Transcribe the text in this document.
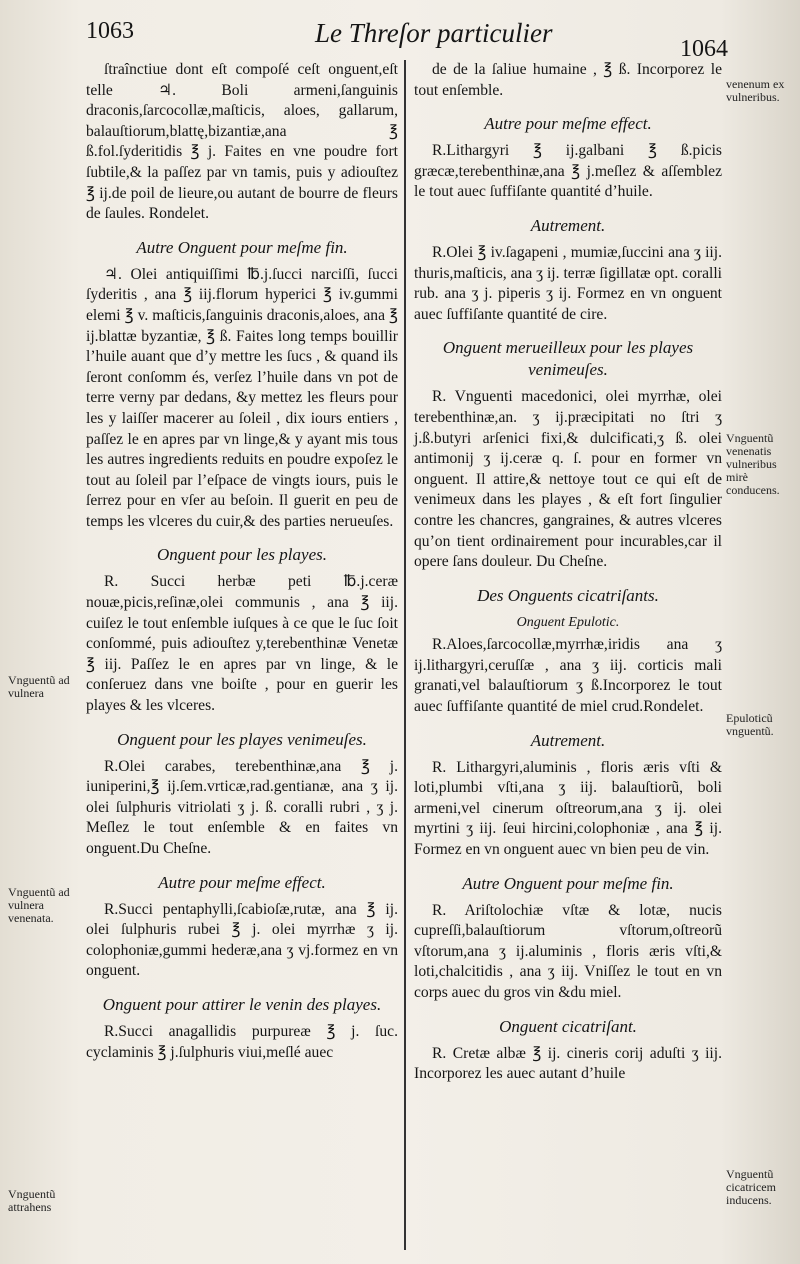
1063	Le Threſor particulier
1064

ſtraînctiue dont eſt compoſé ceſt onguent,eſt telle ♃. Boli armeni,ſanguinis draconis,ſarcocollæ,maſticis, aloes, gallarum, balauſtiorum,blattę,bizantiæ,ana ℥ ß.fol.ſyderitidis ℥ j. Faites en vne poudre fort ſubtile,& la paſſez par vn tamis, puis y adiouſtez ℥ ij.de poil de lieure,ou autant de bourre de fleurs de ſaules. Rondelet.

Autre Onguent pour meſme fin.

♃. Olei antiquiſſimi ℔.j.ſucci narciſſi, ſucci ſyderitis , ana ℥ iij.florum hyperici ℥ iv.gummi elemi ℥ v. maſticis,ſanguinis draconis,aloes, ana ℥ ij.blattæ byzantiæ, ℥ ß. Faites long temps bouillir l’huile auant que d’y mettre les ſucs , & quand ils ſeront conſomm és, verſez l’huile dans vn pot de terre verny par dedans, &y mettez les fleurs pour les y laiſſer macerer au ſoleil , dix iours entiers , paſſez le en apres par vn linge,& y ayant mis tous les autres ingredients reduits en poudre expoſez le tout au ſoleil par l’eſpace de vingts iours, puis le ſerrez pour en vſer au beſoin. Il guerit en peu de temps les vlceres du cuir,& des parties nerueuſes.

Onguent pour les playes.

R. Succi herbæ peti ℔.j.ceræ nouæ,picis,reſinæ,olei communis , ana ℥ iij. cuiſez le tout enſemble iuſques à ce que le ſuc ſoit conſommé, puis adiouſtez y,terebenthinæ Venetæ ℥ iij. Paſſez le en apres par vn linge, & le conſeruez dans vne boiſte , pour en guerir les playes & les vlceres.

Onguent pour les playes venimeuſes.

R.Olei carabes, terebenthinæ,ana ℥ j. iuniperini,℥ ij.ſem.vrticæ,rad.gentianæ, ana ʒ ij. olei ſulphuris vitriolati ʒ j. ß. coralli rubri , ʒ j. Meſlez le tout enſemble & en faites vn onguent.Du Cheſne.

Autre pour meſme effect.

R.Succi pentaphylli,ſcabioſæ,rutæ, ana ℥ ij. olei ſulphuris rubei ℥ j. olei myrrhæ ʒ ij. colophoniæ,gummi hederæ,ana ʒ vj.formez en vn onguent.

Onguent pour attirer le venin des playes.

R.Succi anagallidis purpureæ ℥ j. ſuc. cyclaminis ℥ j.ſulphuris viui,meſlé auec

de de la ſaliue humaine , ℥ ß. Incorporez le tout enſemble.

Autre pour meſme effect.

R.Lithargyri ℥ ij.galbani ℥ ß.picis græcæ,terebenthinæ,ana ℥ j.meſlez & aſſemblez le tout auec ſuffiſante quantité d’huile.

Autrement.

R.Olei ℥ iv.ſagapeni , mumiæ,ſuccini ana ʒ iij. thuris,maſticis, ana ʒ ij. terræ ſigillatæ opt. coralli rub. ana ʒ j. piperis ʒ ij. Formez en vn onguent auec ſuffiſante quantité de cire.

Onguent merueilleux pour les playes venimeuſes.

R. Vnguenti macedonici, olei myrrhæ, olei terebenthinæ,an. ʒ ij.præcipitati no ſtri ʒ j.ß.butyri arſenici fixi,& dulcificati,ʒ ß. olei antimonij ʒ ij.ceræ q. ſ. pour en former vn onguent. Il attire,& nettoye tout ce qui eſt de venimeux dans les playes , & eſt fort ſingulier contre les chancres, gangraines, & autres vlceres qu’on tient ordinairement pour incurables,car il opere ſans douleur. Du Cheſne.

Des Onguents cicatriſants.
Onguent Epulotic.

R.Aloes,ſarcocollæ,myrrhæ,iridis ana ʒ ij.lithargyri,ceruſſæ , ana ʒ iij. corticis mali granati,vel balauſtiorum ʒ ß.Incorporez le tout auec ſuffiſante quantité de miel crud.Rondelet.

Autrement.

R. Lithargyri,aluminis , floris æris vſti & loti,plumbi vſti,ana ʒ iij. balauſtiorũ, boli armeni,vel cinerum oſtreorum,ana ʒ ij. olei myrtini ʒ iij. ſeui hircini,colophoniæ , ana ℥ ij. Formez en vn onguent auec vn bien peu de vin.

Autre Onguent pour meſme fin.

R. Ariſtolochiæ vſtæ & lotæ, nucis cupreſſi,balauſtiorum vſtorum,oſtreorũ vſtorum,ana ʒ ij.aluminis , floris æris vſti,& loti,chalcitidis , ana ʒ iij. Vniſſez le tout en vn corps auec du gros vin &du miel.

Onguent cicatriſant.

R. Cretæ albæ ℥ ij. cineris corij aduſti ʒ iij. Incorporez les auec autant d’huile

Vnguentũ ad vulnera
Vnguentũ ad vulnera venenata.
Vnguentũ attrahens
venenum ex vulneribus.
Vnguentũ venenatis vulneribus mirè conducens.
Epuloticũ vnguentũ.
Vnguentũ cicatricem inducens.
